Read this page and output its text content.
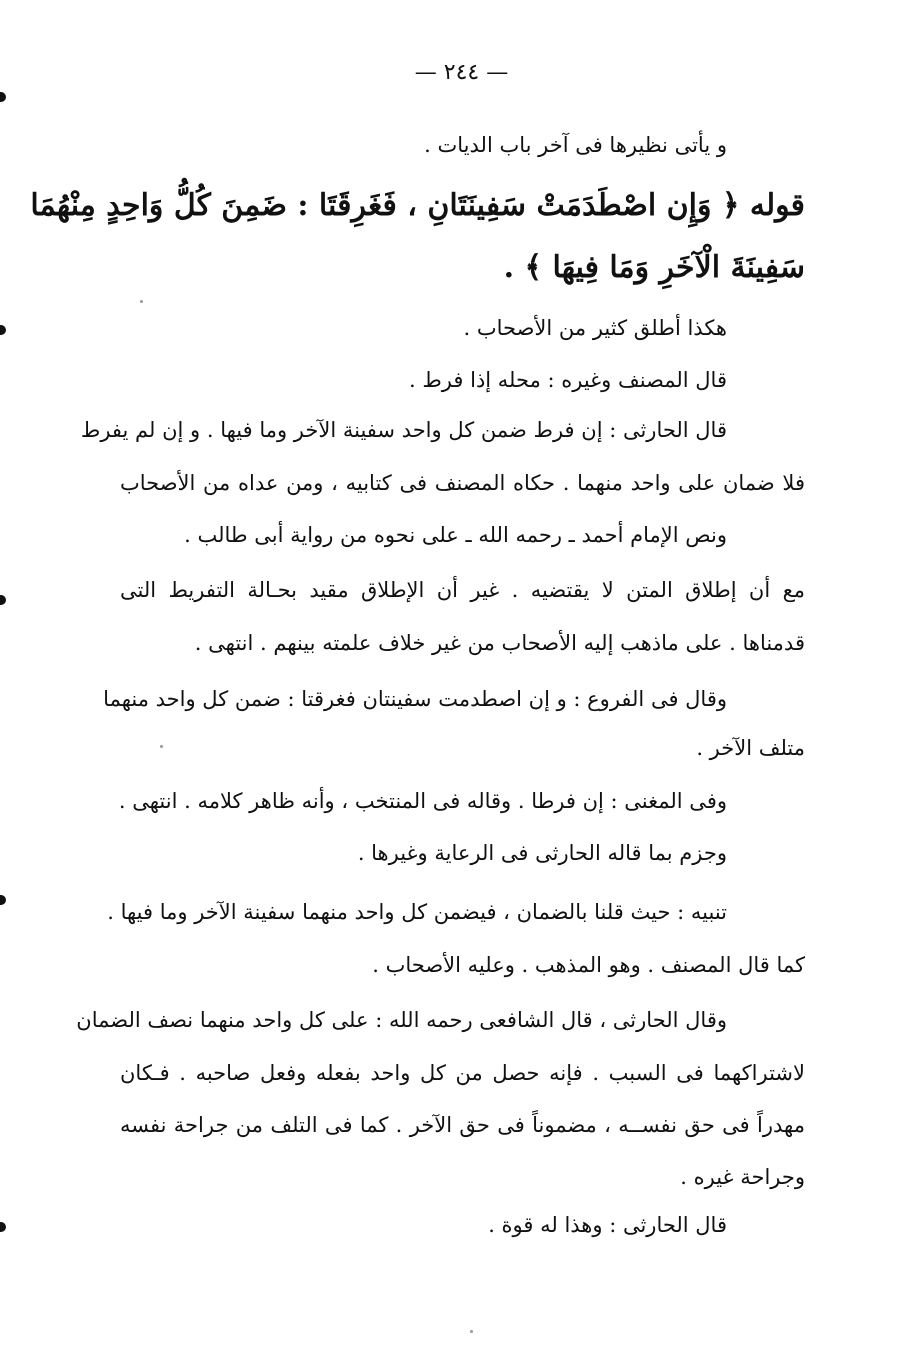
— ٢٤٤ —
و يأتى نظيرها فى آخر باب الديات .
قوله ﴿ وَإِن اصْطَدَمَتْ سَفِينَتَانِ ، فَغَرِقَتَا : ضَمِنَ كُلُّ وَاحِدٍ مِنْهُمَا
سَفِينَةَ الْآخَرِ وَمَا فِيهَا ﴾ .
هكذا أطلق كثير من الأصحاب .
قال المصنف وغيره : محله إذا فرط .
قال الحارثى : إن فرط ضمن كل واحد سفينة الآخر وما فيها . و إن لم يفرط
فلا ضمان على واحد منهما . حكاه المصنف فى كتابيه ، ومن عداه من الأصحاب
ونص الإمام أحمد ـ رحمه الله ـ على نحوه من رواية أبى طالب .
مع أن إطلاق المتن لا يقتضيه . غير أن الإطلاق مقيد بحـالة التفريط التى
قدمناها . على ماذهب إليه الأصحاب من غير خلاف علمته بينهم . انتهى .
وقال فى الفروع : و إن اصطدمت سفينتان فغرقتا : ضمن كل واحد منهما
متلف الآخر .
وفى المغنى : إن فرطا . وقاله فى المنتخب ، وأنه ظاهر كلامه . انتهى .
وجزم بما قاله الحارثى فى الرعاية وغيرها .
تنبيه : حيث قلنا بالضمان ، فيضمن كل واحد منهما سفينة الآخر وما فيها .
كما قال المصنف . وهو المذهب . وعليه الأصحاب .
وقال الحارثى ، قال الشافعى رحمه الله : على كل واحد منهما نصف الضمان
لاشتراكهما فى السبب . فإنه حصل من كل واحد بفعله وفعل صاحبه . فـكان
مهدراً فى حق نفســه ، مضموناً فى حق الآخر . كما فى التلف من جراحة نفسه
وجراحة غيره .
قال الحارثى : وهذا له قوة .
